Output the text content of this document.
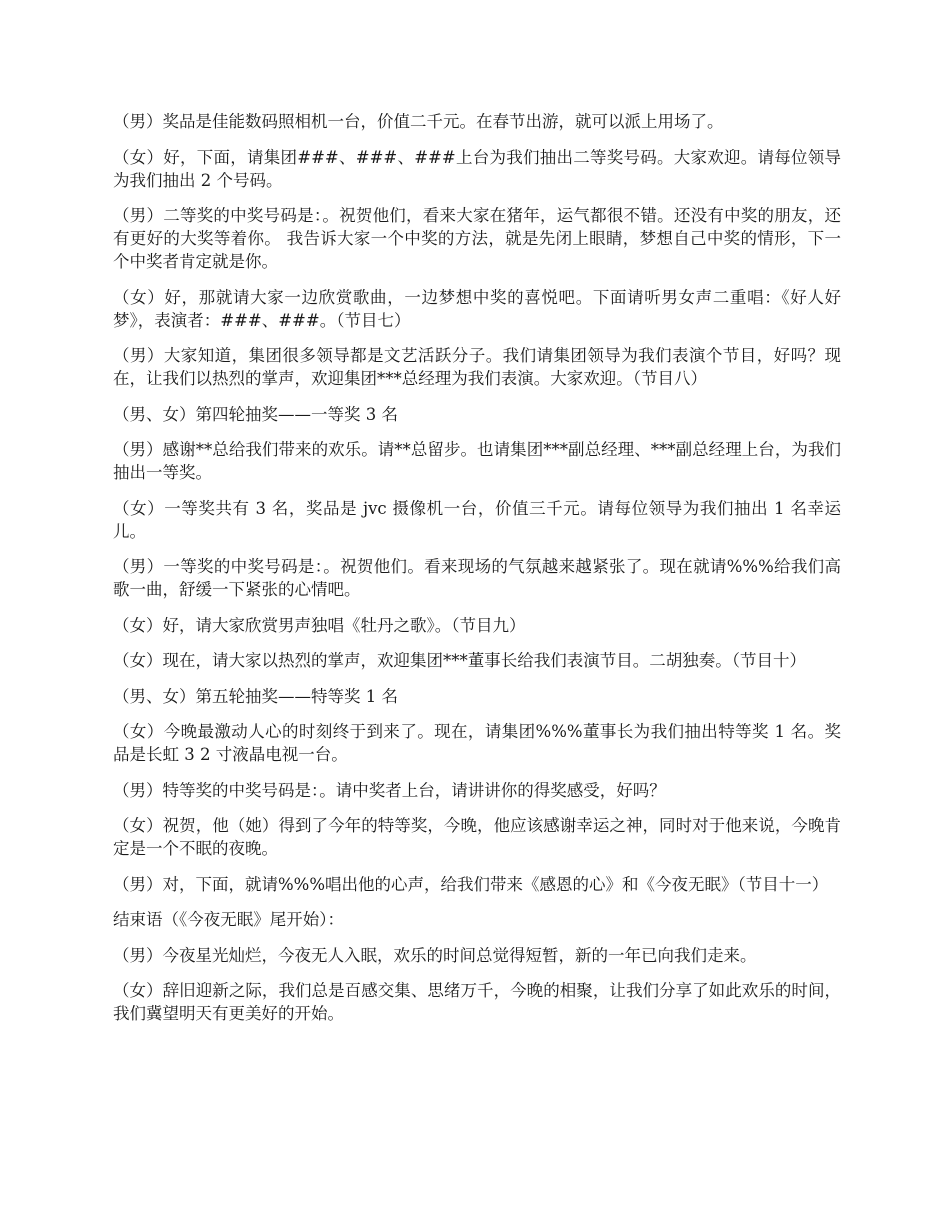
（男）奖品是佳能数码照相机一台，价值二千元。在春节出游，就可以派上用场了。

（女）好，下面，请集团###、###、###上台为我们抽出二等奖号码。大家欢迎。请每位领导为我们抽出 2 个号码。

（男）二等奖的中奖号码是：。祝贺他们，看来大家在猪年，运气都很不错。还没有中奖的朋友，还有更好的大奖等着你。 我告诉大家一个中奖的方法，就是先闭上眼睛，梦想自己中奖的情形，下一个中奖者肯定就是你。

（女）好，那就请大家一边欣赏歌曲，一边梦想中奖的喜悦吧。下面请听男女声二重唱：《好人好梦》，表演者：###、###。（节目七）

（男）大家知道，集团很多领导都是文艺活跃分子。我们请集团领导为我们表演个节目，好吗？现在，让我们以热烈的掌声，欢迎集团***总经理为我们表演。大家欢迎。（节目八）

（男、女）第四轮抽奖——一等奖 3 名

（男）感谢**总给我们带来的欢乐。请**总留步。也请集团***副总经理、***副总经理上台，为我们抽出一等奖。

（女）一等奖共有 3 名，奖品是 jvc 摄像机一台，价值三千元。请每位领导为我们抽出 1 名幸运儿。

（男）一等奖的中奖号码是：。祝贺他们。看来现场的气氛越来越紧张了。现在就请%%%给我们高歌一曲，舒缓一下紧张的心情吧。

（女）好，请大家欣赏男声独唱《牡丹之歌》。（节目九）

（女）现在，请大家以热烈的掌声，欢迎集团***董事长给我们表演节目。二胡独奏。（节目十）

（男、女）第五轮抽奖——特等奖 1 名

（女）今晚最激动人心的时刻终于到来了。现在，请集团%%%董事长为我们抽出特等奖 1 名。奖品是长虹 3 2 寸液晶电视一台。

（男）特等奖的中奖号码是：。请中奖者上台，请讲讲你的得奖感受，好吗？

（女）祝贺，他（她）得到了今年的特等奖，今晚，他应该感谢幸运之神，同时对于他来说，今晚肯定是一个不眠的夜晚。

（男）对，下面，就请%%%唱出他的心声，给我们带来《感恩的心》和《今夜无眠》（节目十一）

结束语（《今夜无眠》尾开始）：

（男）今夜星光灿烂，今夜无人入眠，欢乐的时间总觉得短暂，新的一年已向我们走来。

（女）辞旧迎新之际，我们总是百感交集、思绪万千，今晚的相聚，让我们分享了如此欢乐的时间，我们冀望明天有更美好的开始。
